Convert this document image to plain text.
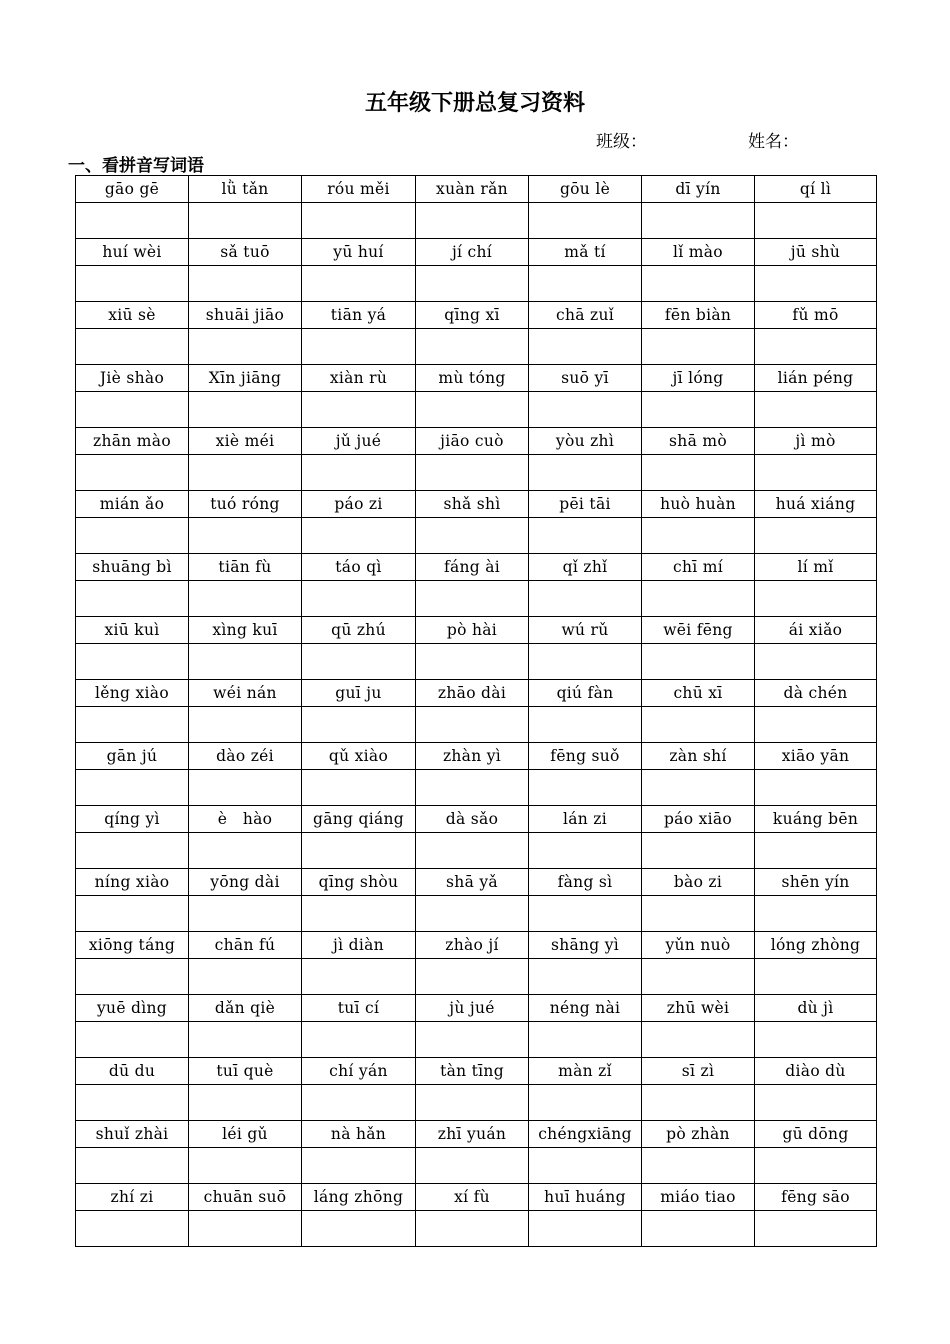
五年级下册总复习资料
班级：	姓名：
一、看拼音写词语
gāo gē	lǜ tǎn	róu měi	xuàn rǎn	gōu lè	dī yín	qí lì

huí wèi	sǎ tuō	yū huí	jí chí	mǎ tí	lǐ mào	jū shù

xiū sè	shuāi jiāo	tiān yá	qīng xī	chā zuǐ	fēn biàn	fǔ mō

Jiè shào	Xīn jiāng	xiàn rù	mù tóng	suō yī	jī lóng	lián péng

zhān mào	xiè méi	jǔ jué	jiāo cuò	yòu zhì	shā mò	jì mò

mián ǎo	tuó róng	páo zi	shǎ shì	pēi tāi	huò huàn	huá xiáng

shuāng bì	tiān fù	táo qì	fáng ài	qǐ zhǐ	chī mí	lí mǐ

xiū kuì	xìng kuī	qū zhú	pò hài	wú rǔ	wēi fēng	ái xiǎo

lěng xiào	wéi nán	guī ju	zhāo dài	qiú fàn	chū xī	dà chén

gān jú	dào zéi	qǔ xiào	zhàn yì	fēng suǒ	zàn shí	xiāo yān

qíng yì	è   hào	gāng qiáng	dà sǎo	lán zi	páo xiāo	kuáng bēn

níng xiào	yōng dài	qīng shòu	shā yǎ	fàng sì	bào zi	shēn yín

xiōng táng	chān fú	jì diàn	zhào jí	shāng yì	yǔn nuò	lóng zhòng

yuē dìng	dǎn qiè	tuī cí	jù jué	néng nài	zhū wèi	dù jì

dū du	tuī què	chí yán	tàn tīng	màn zǐ	sī zì	diào dù

shuǐ zhài	léi gǔ	nà hǎn	zhī yuán	chéngxiāng	pò zhàn	gū dōng

zhí zi	chuān suō	láng zhōng	xí fù	huī huáng	miáo tiao	fēng sāo
